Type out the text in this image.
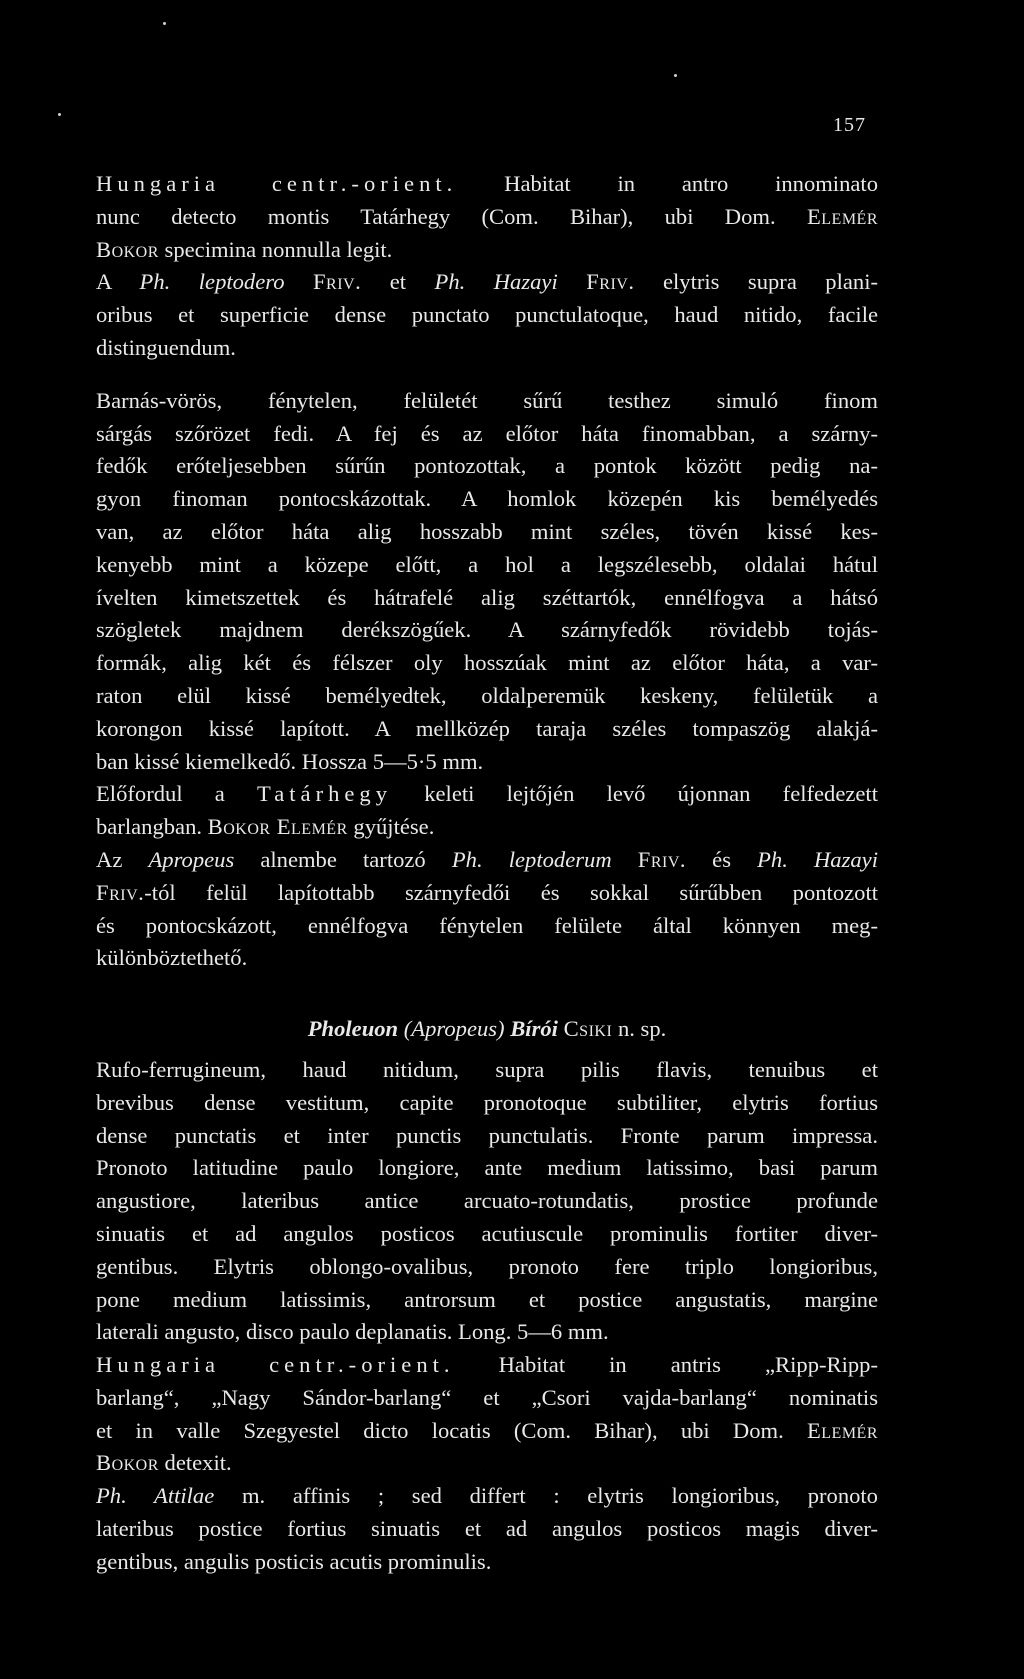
157
Hungaria centr.-orient. Habitat in antro innominato
nunc detecto montis Tatárhegy (Com. Bihar), ubi Dom. Elemér
Bokor specimina nonnulla legit.
A Ph. leptodero Friv. et Ph. Hazayi Friv. elytris supra plani-
oribus et superficie dense punctato punctulatoque, haud nitido, facile
distinguendum.
Barnás-vörös, fénytelen, felületét sűrű testhez simuló finom
sárgás szőrözet fedi. A fej és az előtor háta finomabban, a szárny-
fedők erőteljesebben sűrűn pontozottak, a pontok között pedig na-
gyon finoman pontocskázottak. A homlok közepén kis bemélyedés
van, az előtor háta alig hosszabb mint széles, tövén kissé kes-
kenyebb mint a közepe előtt, a hol a legszélesebb, oldalai hátul
ívelten kimetszettek és hátrafelé alig széttartók, ennélfogva a hátsó
szögletek majdnem derékszögűek. A szárnyfedők rövidebb tojás-
formák, alig két és félszer oly hosszúak mint az előtor háta, a var-
raton elül kissé bemélyedtek, oldalperemük keskeny, felületük a
korongon kissé lapított. A mellközép taraja széles tompaszög alakjá-
ban kissé kiemelkedő. Hossza 5—5·5 mm.
Előfordul a Tatárhegy keleti lejtőjén levő újonnan felfedezett
barlangban. Bokor Elemér gyűjtése.
Az Apropeus alnembe tartozó Ph. leptoderum Friv. és Ph. Hazayi
Friv.-tól felül lapítottabb szárnyfedői és sokkal sűrűbben pontozott
és pontocskázott, ennélfogva fénytelen felülete által könnyen meg-
különböztethető.
Pholeuon (Apropeus) Bírói Csiki n. sp.
Rufo-ferrugineum, haud nitidum, supra pilis flavis, tenuibus et
brevibus dense vestitum, capite pronotoque subtiliter, elytris fortius
dense punctatis et inter punctis punctulatis. Fronte parum impressa.
Pronoto latitudine paulo longiore, ante medium latissimo, basi parum
angustiore, lateribus antice arcuato-rotundatis, prostice profunde
sinuatis et ad angulos posticos acutiuscule prominulis fortiter diver-
gentibus. Elytris oblongo-ovalibus, pronoto fere triplo longioribus,
pone medium latissimis, antrorsum et postice angustatis, margine
laterali angusto, disco paulo deplanatis. Long. 5—6 mm.
Hungaria centr.-orient. Habitat in antris „Ripp-Ripp-
barlang“, „Nagy Sándor-barlang“ et „Csori vajda-barlang“ nominatis
et in valle Szegyestel dicto locatis (Com. Bihar), ubi Dom. Elemér
Bokor detexit.
Ph. Attilae m. affinis ; sed differt : elytris longioribus, pronoto
lateribus postice fortius sinuatis et ad angulos posticos magis diver-
gentibus, angulis posticis acutis prominulis.
